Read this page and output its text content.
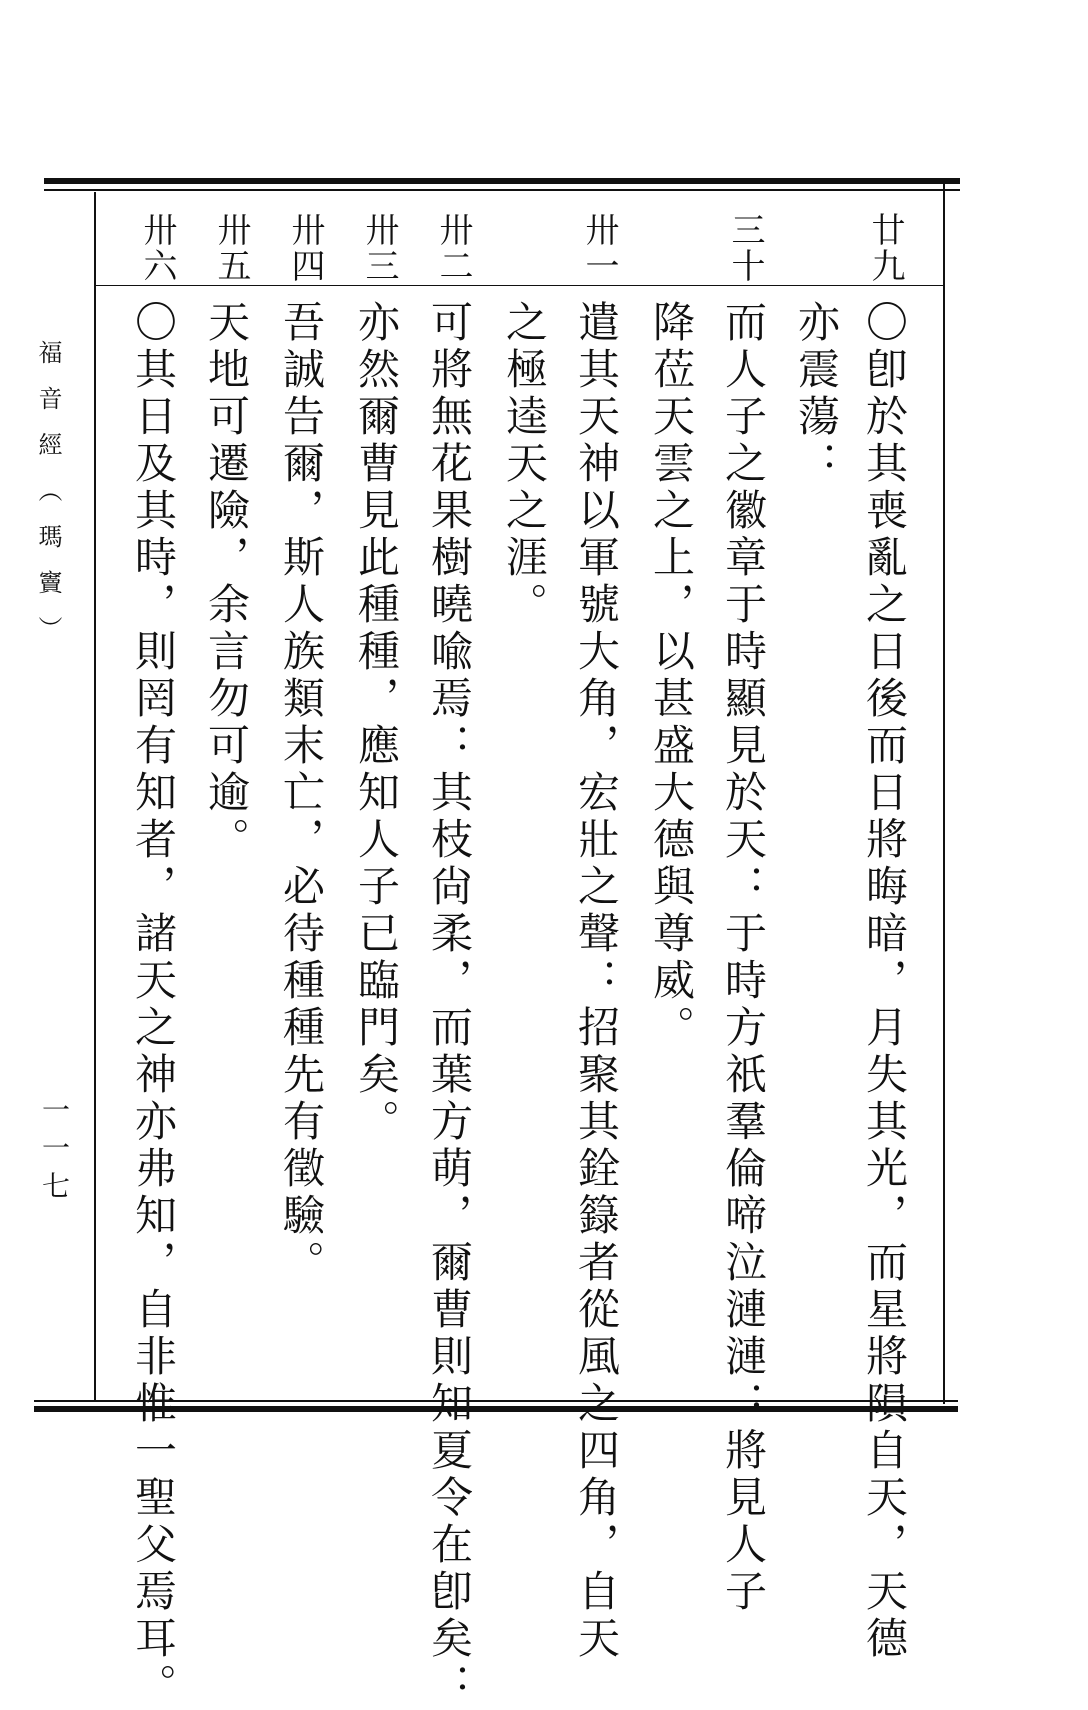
福音經（瑪竇）
一一七
廿九
〇卽於其喪亂之日後而日將晦暗，月失其光，而星將隕自天，天德
亦震蕩：
三十
而人子之徽章于時顯見於天：于時方祇羣倫啼泣漣漣：將見人子
降莅天雲之上，以甚盛大德與尊威。
卅一
遣其天神以軍號大角，宏壯之聲：招聚其銓籙者從風之四角，自天
之極逵天之涯。
卅二
可將無花果樹曉喩焉：其枝尙柔，而葉方萌，爾曹則知夏令在卽矣：
卅三
亦然爾曹見此種種，應知人子已臨門矣。
卅四
吾誠告爾，斯人族類末亡，必待種種先有徵驗。
卅五
天地可遷險，余言勿可逾。
卅六
〇其日及其時，則罔有知者，諸天之神亦弗知，自非惟一聖父焉耳。
